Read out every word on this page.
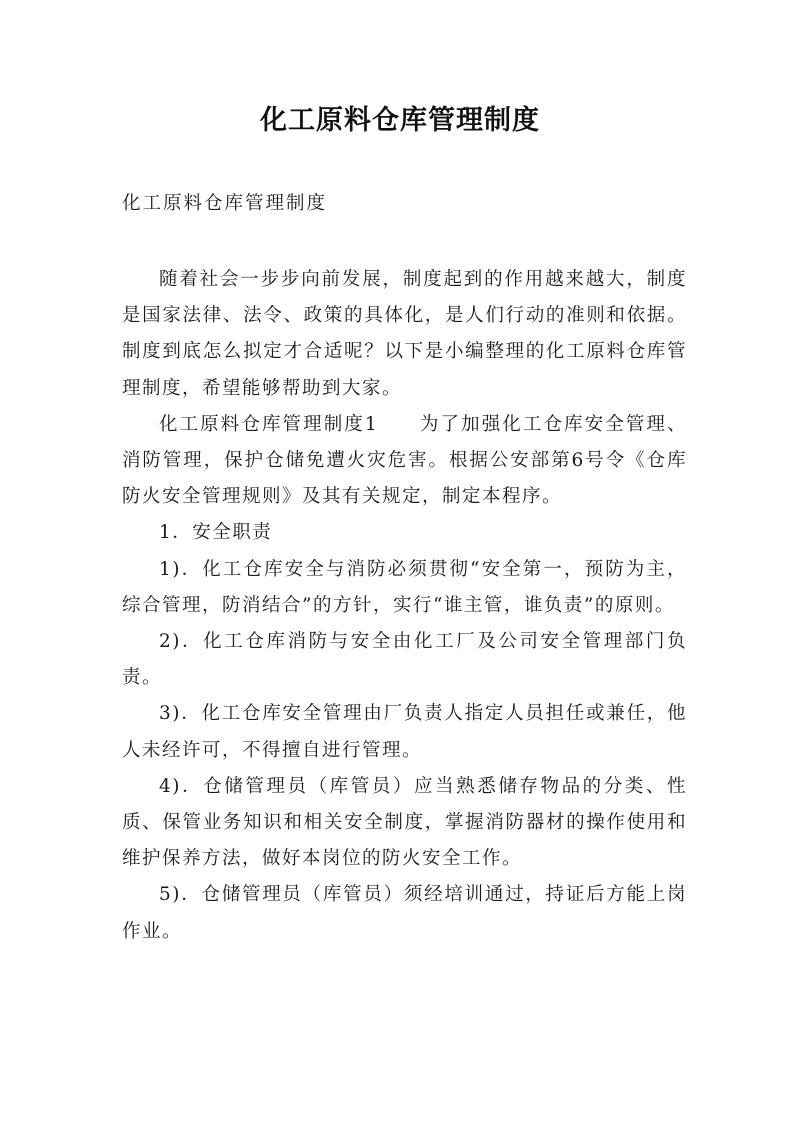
化工原料仓库管理制度

化工原料仓库管理制度

随着社会一步步向前发展，制度起到的作用越来越大，制度是国家法律、法令、政策的具体化，是人们行动的准则和依据。制度到底怎么拟定才合适呢？以下是小编整理的化工原料仓库管理制度，希望能够帮助到大家。

化工原料仓库管理制度1　　为了加强化工仓库安全管理、消防管理，保护仓储免遭火灾危害。根据公安部第6号令《仓库防火安全管理规则》及其有关规定，制定本程序。

1．安全职责

1)．化工仓库安全与消防必须贯彻“安全第一，预防为主，综合管理，防消结合”的方针，实行“谁主管，谁负责”的原则。

2)．化工仓库消防与安全由化工厂及公司安全管理部门负责。

3)．化工仓库安全管理由厂负责人指定人员担任或兼任，他人未经许可，不得擅自进行管理。

4)．仓储管理员（库管员）应当熟悉储存物品的分类、性质、保管业务知识和相关安全制度，掌握消防器材的操作使用和维护保养方法，做好本岗位的防火安全工作。

5)．仓储管理员（库管员）须经培训通过，持证后方能上岗作业。
